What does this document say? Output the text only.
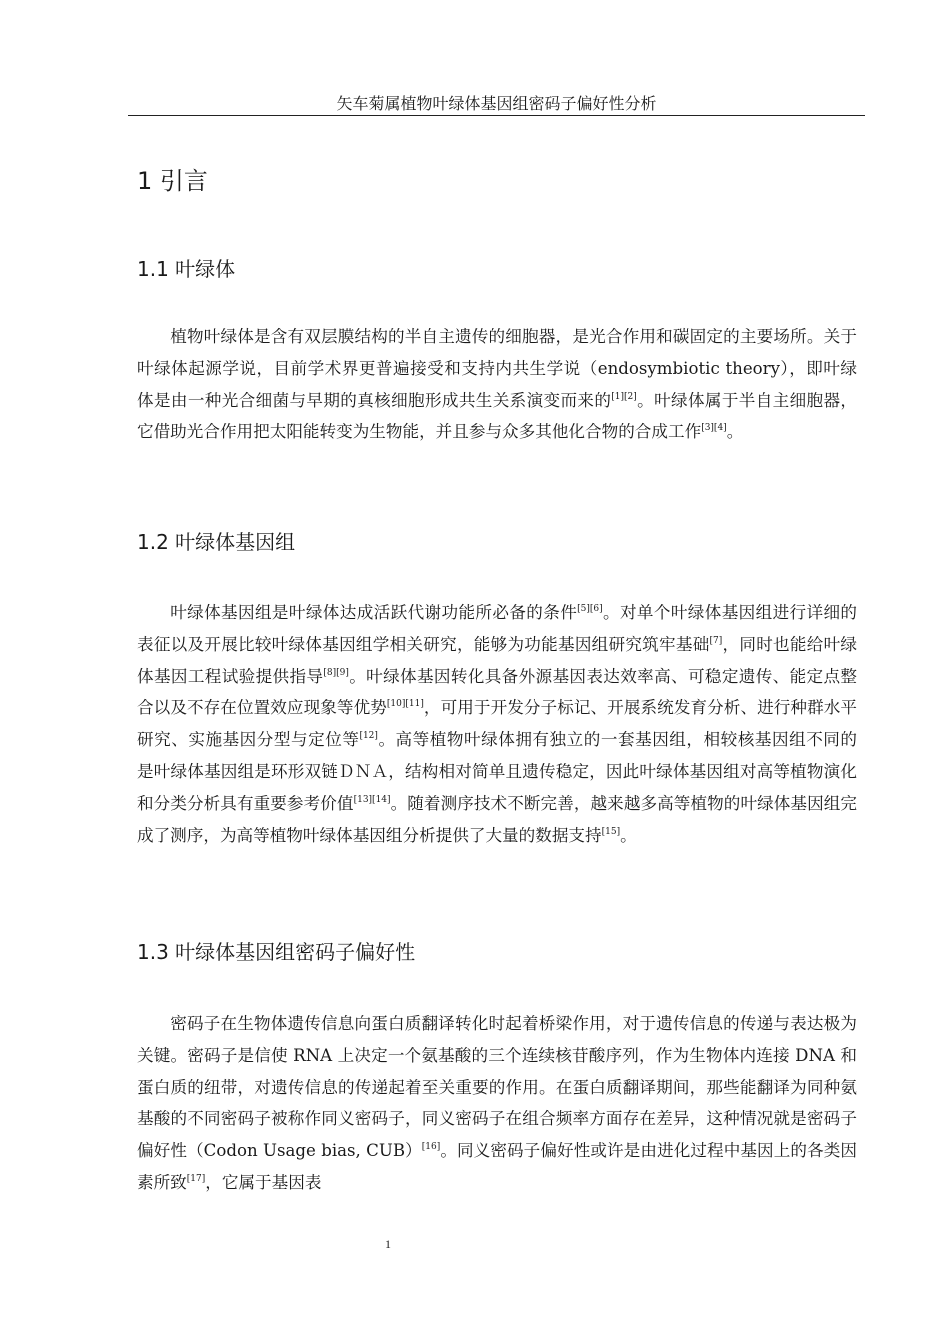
矢车菊属植物叶绿体基因组密码子偏好性分析
1 引言
1.1 叶绿体

植物叶绿体是含有双层膜结构的半自主遗传的细胞器，是光合作用和碳固定的主要场所。关于叶绿体起源学说，目前学术界更普遍接受和支持内共生学说（endosymbiotic theory），即叶绿体是由一种光合细菌与早期的真核细胞形成共生关系演变而来的[1][2]。叶绿体属于半自主细胞器，它借助光合作用把太阳能转变为生物能，并且参与众多其他化合物的合成工作[3][4]。

1.2 叶绿体基因组

叶绿体基因组是叶绿体达成活跃代谢功能所必备的条件[5][6]。对单个叶绿体基因组进行详细的表征以及开展比较叶绿体基因组学相关研究，能够为功能基因组研究筑牢基础[7]，同时也能给叶绿体基因工程试验提供指导[8][9]。叶绿体基因转化具备外源基因表达效率高、可稳定遗传、能定点整合以及不存在位置效应现象等优势[10][11]，可用于开发分子标记、开展系统发育分析、进行种群水平研究、实施基因分型与定位等[12]。高等植物叶绿体拥有独立的一套基因组，相较核基因组不同的 是叶绿体基因组是环形双链ＤＮＡ，结构相对简单且遗传稳定，因此叶绿体基因组对高等植物演化和分类分析具有重要参考价值[13][14]。随着测序技术不断完善，越来越多高等植物的叶绿体基因组完成了测序，为高等植物叶绿体基因组分析提供了大量的数据支持[15]。

1.3 叶绿体基因组密码子偏好性

密码子在生物体遗传信息向蛋白质翻译转化时起着桥梁作用，对于遗传信息的传递与表达极为关键。密码子是信使 RNA 上决定一个氨基酸的三个连续核苷酸序列，作为生物体内连接 DNA 和蛋白质的纽带，对遗传信息的传递起着至关重要的作用。在蛋白质翻译期间，那些能翻译为同种氨基酸的不同密码子被称作同义密码子，同义密码子在组合频率方面存在差异，这种情况就是密码子偏好性（Codon Usage bias, CUB）[16]。同义密码子偏好性或许是由进化过程中基因上的各类因素所致[17]，它属于基因表

1
